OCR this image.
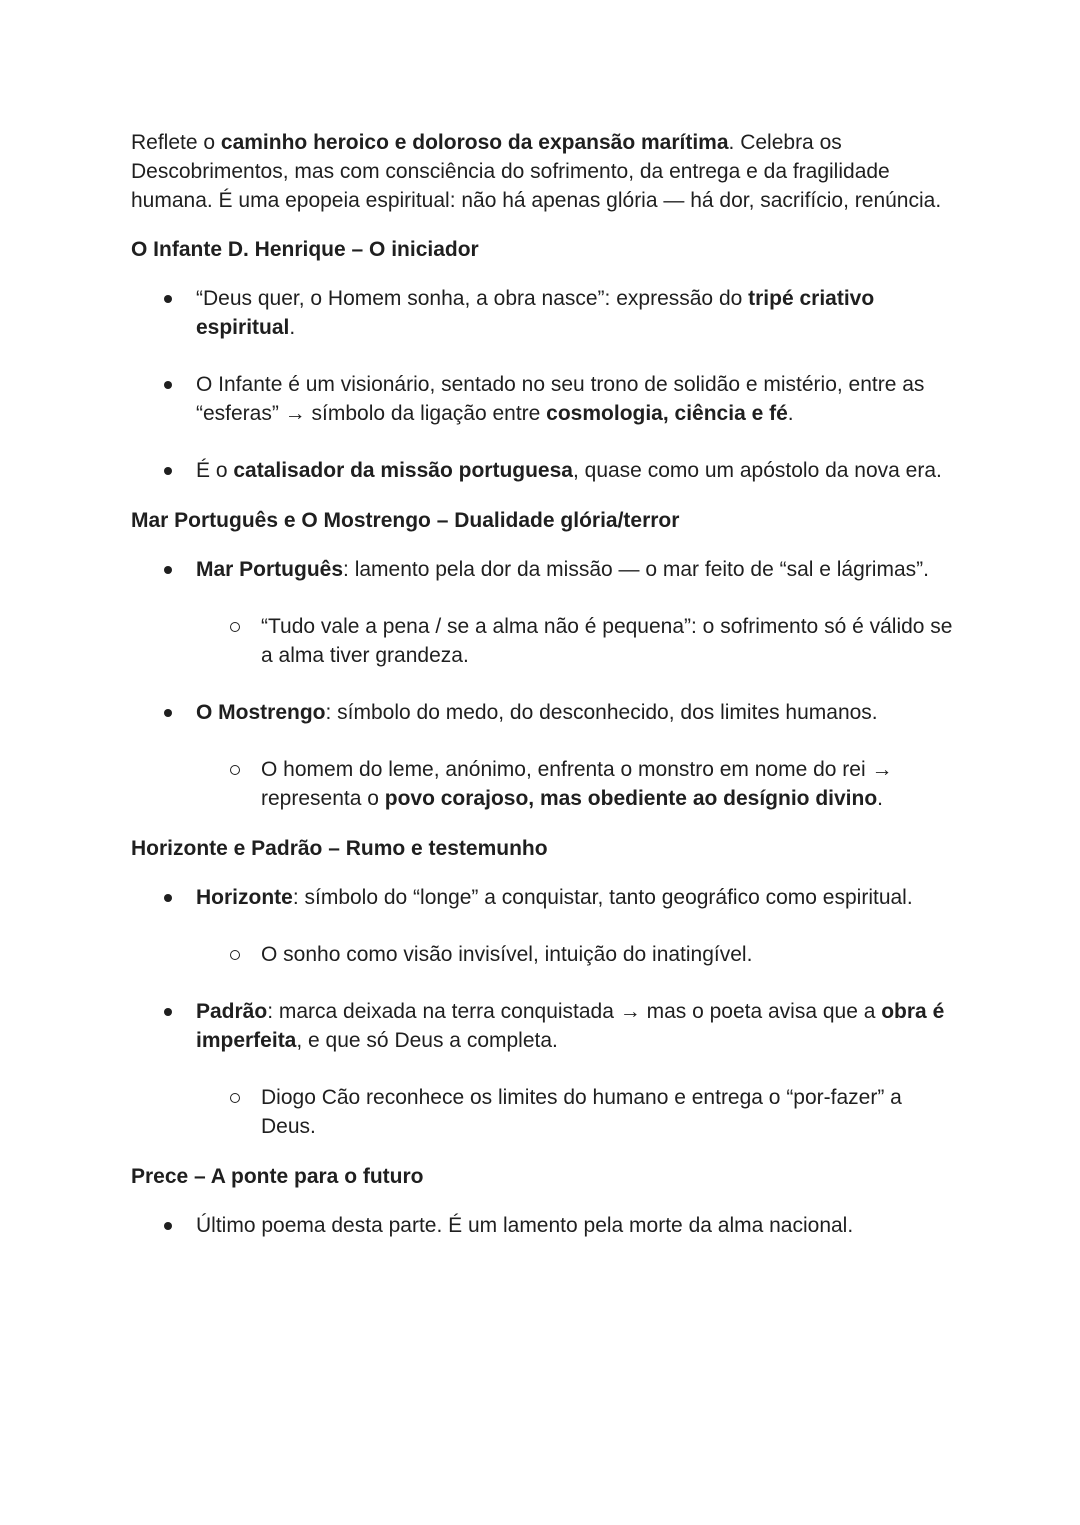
Reflete o caminho heroico e doloroso da expansão marítima. Celebra os Descobrimentos, mas com consciência do sofrimento, da entrega e da fragilidade humana. É uma epopeia espiritual: não há apenas glória — há dor, sacrifício, renúncia.

O Infante D. Henrique – O iniciador
“Deus quer, o Homem sonha, a obra nasce”: expressão do tripé criativo espiritual.
O Infante é um visionário, sentado no seu trono de solidão e mistério, entre as “esferas” → símbolo da ligação entre cosmologia, ciência e fé.
É o catalisador da missão portuguesa, quase como um apóstolo da nova era.
Mar Português e O Mostrengo – Dualidade glória/terror
Mar Português: lamento pela dor da missão — o mar feito de “sal e lágrimas”.
“Tudo vale a pena / se a alma não é pequena”: o sofrimento só é válido se a alma tiver grandeza.
O Mostrengo: símbolo do medo, do desconhecido, dos limites humanos.
O homem do leme, anónimo, enfrenta o monstro em nome do rei → representa o povo corajoso, mas obediente ao desígnio divino.
Horizonte e Padrão – Rumo e testemunho
Horizonte: símbolo do “longe” a conquistar, tanto geográfico como espiritual.
O sonho como visão invisível, intuição do inatingível.
Padrão: marca deixada na terra conquistada → mas o poeta avisa que a obra é imperfeita, e que só Deus a completa.
Diogo Cão reconhece os limites do humano e entrega o “por-fazer” a Deus.
Prece – A ponte para o futuro
Último poema desta parte. É um lamento pela morte da alma nacional.
